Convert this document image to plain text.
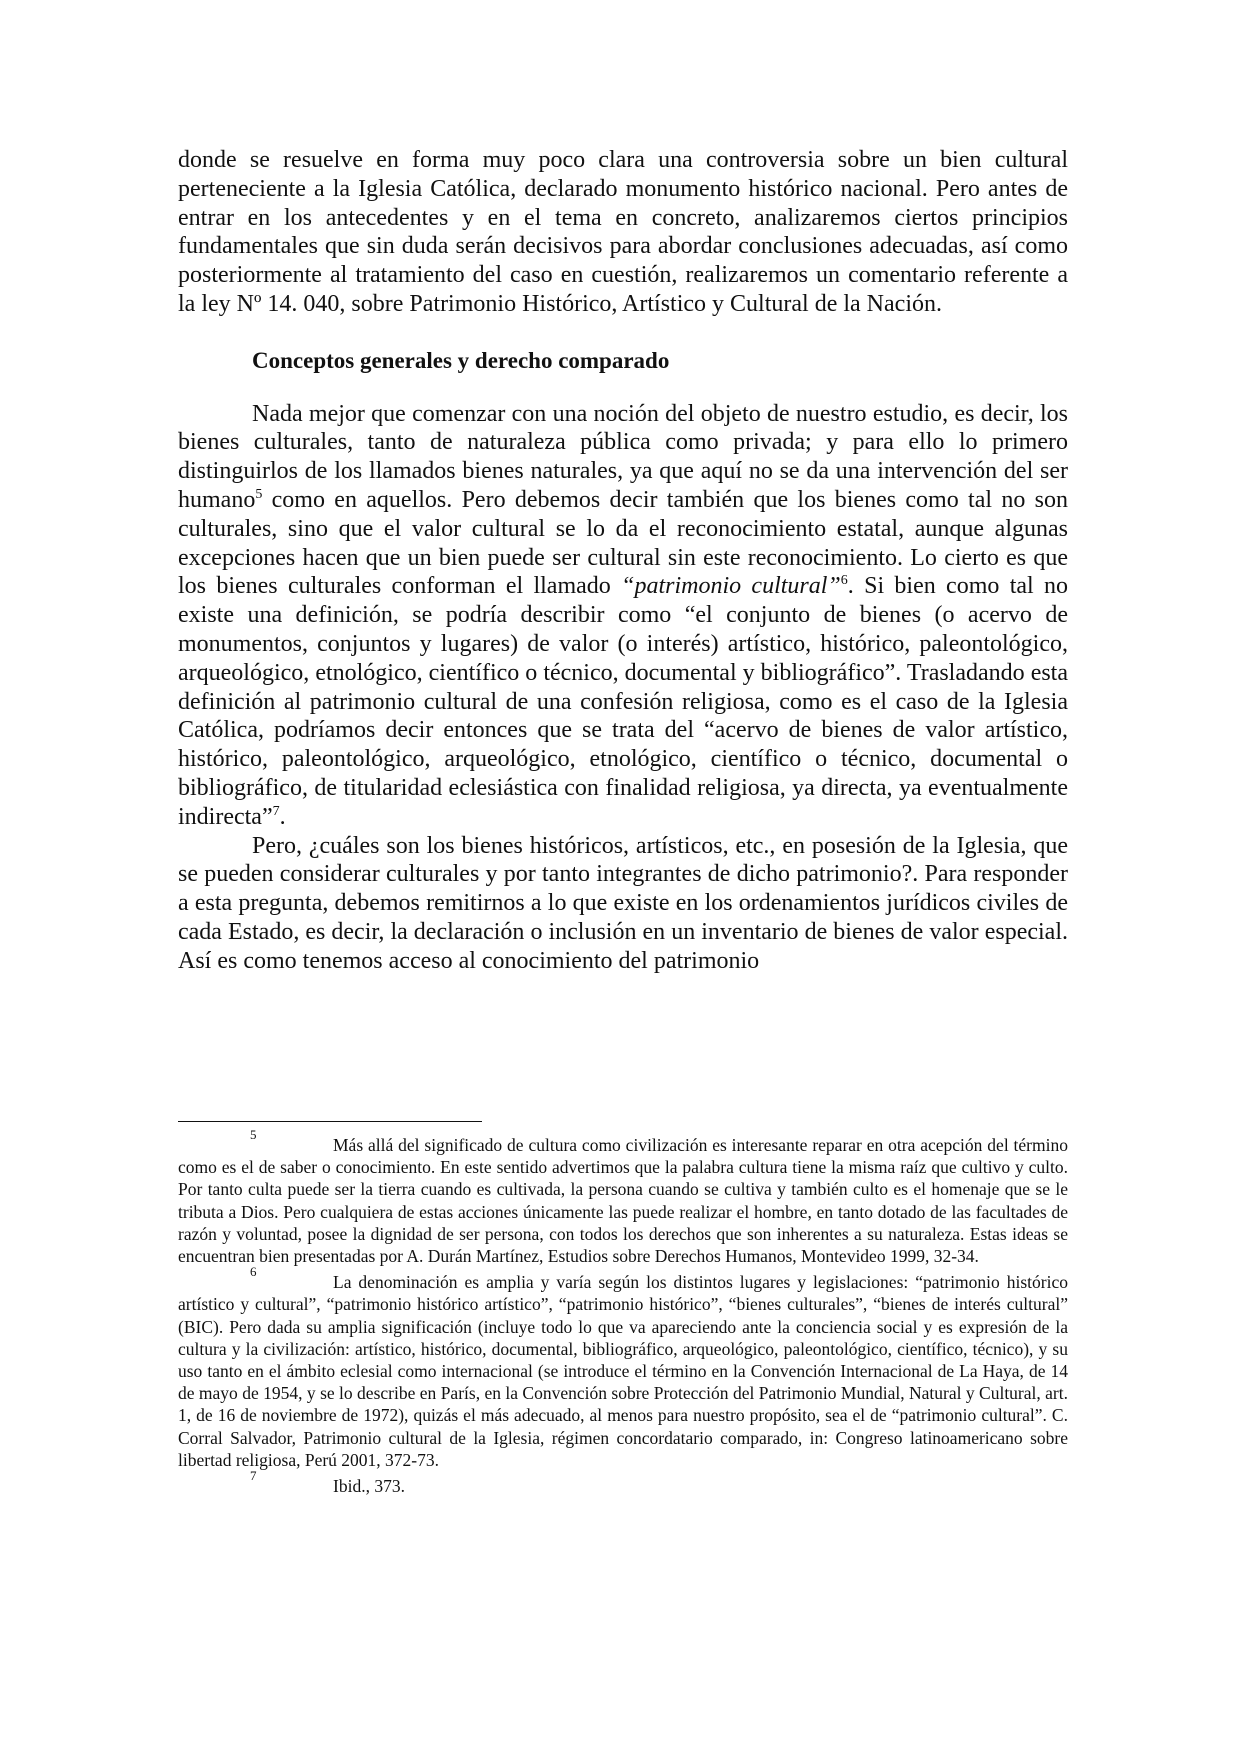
donde se resuelve en forma muy poco clara una controversia sobre un bien cultural perteneciente a la Iglesia Católica, declarado monumento histórico nacional. Pero antes de entrar en los antecedentes y en el tema en concreto, analizaremos ciertos principios fundamentales que sin duda serán decisivos para abordar conclusiones adecuadas, así como posteriormente al tratamiento del caso en cuestión, realizaremos un comentario referente a la ley Nº 14. 040, sobre Patrimonio Histórico, Artístico y Cultural de la Nación.

Conceptos generales y derecho comparado

Nada mejor que comenzar con una noción del objeto de nuestro estudio, es decir, los bienes culturales, tanto de naturaleza pública como privada; y para ello lo primero distinguirlos de los llamados bienes naturales, ya que aquí no se da una intervención del ser humano$^5$ como en aquellos. Pero debemos decir también que los bienes como tal no son culturales, sino que el valor cultural se lo da el reconocimiento estatal, aunque algunas excepciones hacen que un bien puede ser cultural sin este reconocimiento. Lo cierto es que los bienes culturales conforman el llamado “patrimonio cultural”$^6$. Si bien como tal no existe una definición, se podría describir como “el conjunto de bienes (o acervo de monumentos, conjuntos y lugares) de valor (o interés) artístico, histórico, paleontológico, arqueológico, etnológico, científico o técnico, documental y bibliográfico”. Trasladando esta definición al patrimonio cultural de una confesión religiosa, como es el caso de la Iglesia Católica, podríamos decir entonces que se trata del “acervo de bienes de valor artístico, histórico, paleontológico, arqueológico, etnológico, científico o técnico, documental o bibliográfico, de titularidad eclesiástica con finalidad religiosa, ya directa, ya eventualmente indirecta”$^7$.

Pero, ¿cuáles son los bienes históricos, artísticos, etc., en posesión de la Iglesia, que se pueden considerar culturales y por tanto integrantes de dicho patrimonio?. Para responder a esta pregunta, debemos remitirnos a lo que existe en los ordenamientos jurídicos civiles de cada Estado, es decir, la declaración o inclusión en un inventario de bienes de valor especial. Así es como tenemos acceso al conocimiento del patrimonio

5
Más allá del significado de cultura como civilización es interesante reparar en otra acepción del término como es el de saber o conocimiento. En este sentido advertimos que la palabra cultura tiene la misma raíz que cultivo y culto. Por tanto culta puede ser la tierra cuando es cultivada, la persona cuando se cultiva y también culto es el homenaje que se le tributa a Dios. Pero cualquiera de estas acciones únicamente las puede realizar el hombre, en tanto dotado de las facultades de razón y voluntad, posee la dignidad de ser persona, con todos los derechos que son inherentes a su naturaleza. Estas ideas se encuentran bien presentadas por A. Durán Martínez, Estudios sobre Derechos Humanos, Montevideo 1999, 32-34.

6
La denominación es amplia y varía según los distintos lugares y legislaciones: “patrimonio histórico artístico y cultural”, “patrimonio histórico artístico”, “patrimonio histórico”, “bienes culturales”, “bienes de interés cultural” (BIC). Pero dada su amplia significación (incluye todo lo que va apareciendo ante la conciencia social y es expresión de la cultura y la civilización: artístico, histórico, documental, bibliográfico, arqueológico, paleontológico, científico, técnico), y su uso tanto en el ámbito eclesial como internacional (se introduce el término en la Convención Internacional de La Haya, de 14 de mayo de 1954, y se lo describe en París, en la Convención sobre Protección del Patrimonio Mundial, Natural y Cultural, art. 1, de 16 de noviembre de 1972), quizás el más adecuado, al menos para nuestro propósito, sea el de “patrimonio cultural”. C. Corral Salvador, Patrimonio cultural de la Iglesia, régimen concordatario comparado, in: Congreso latinoamericano sobre libertad religiosa, Perú 2001, 372-73.

7
Ibid., 373.
